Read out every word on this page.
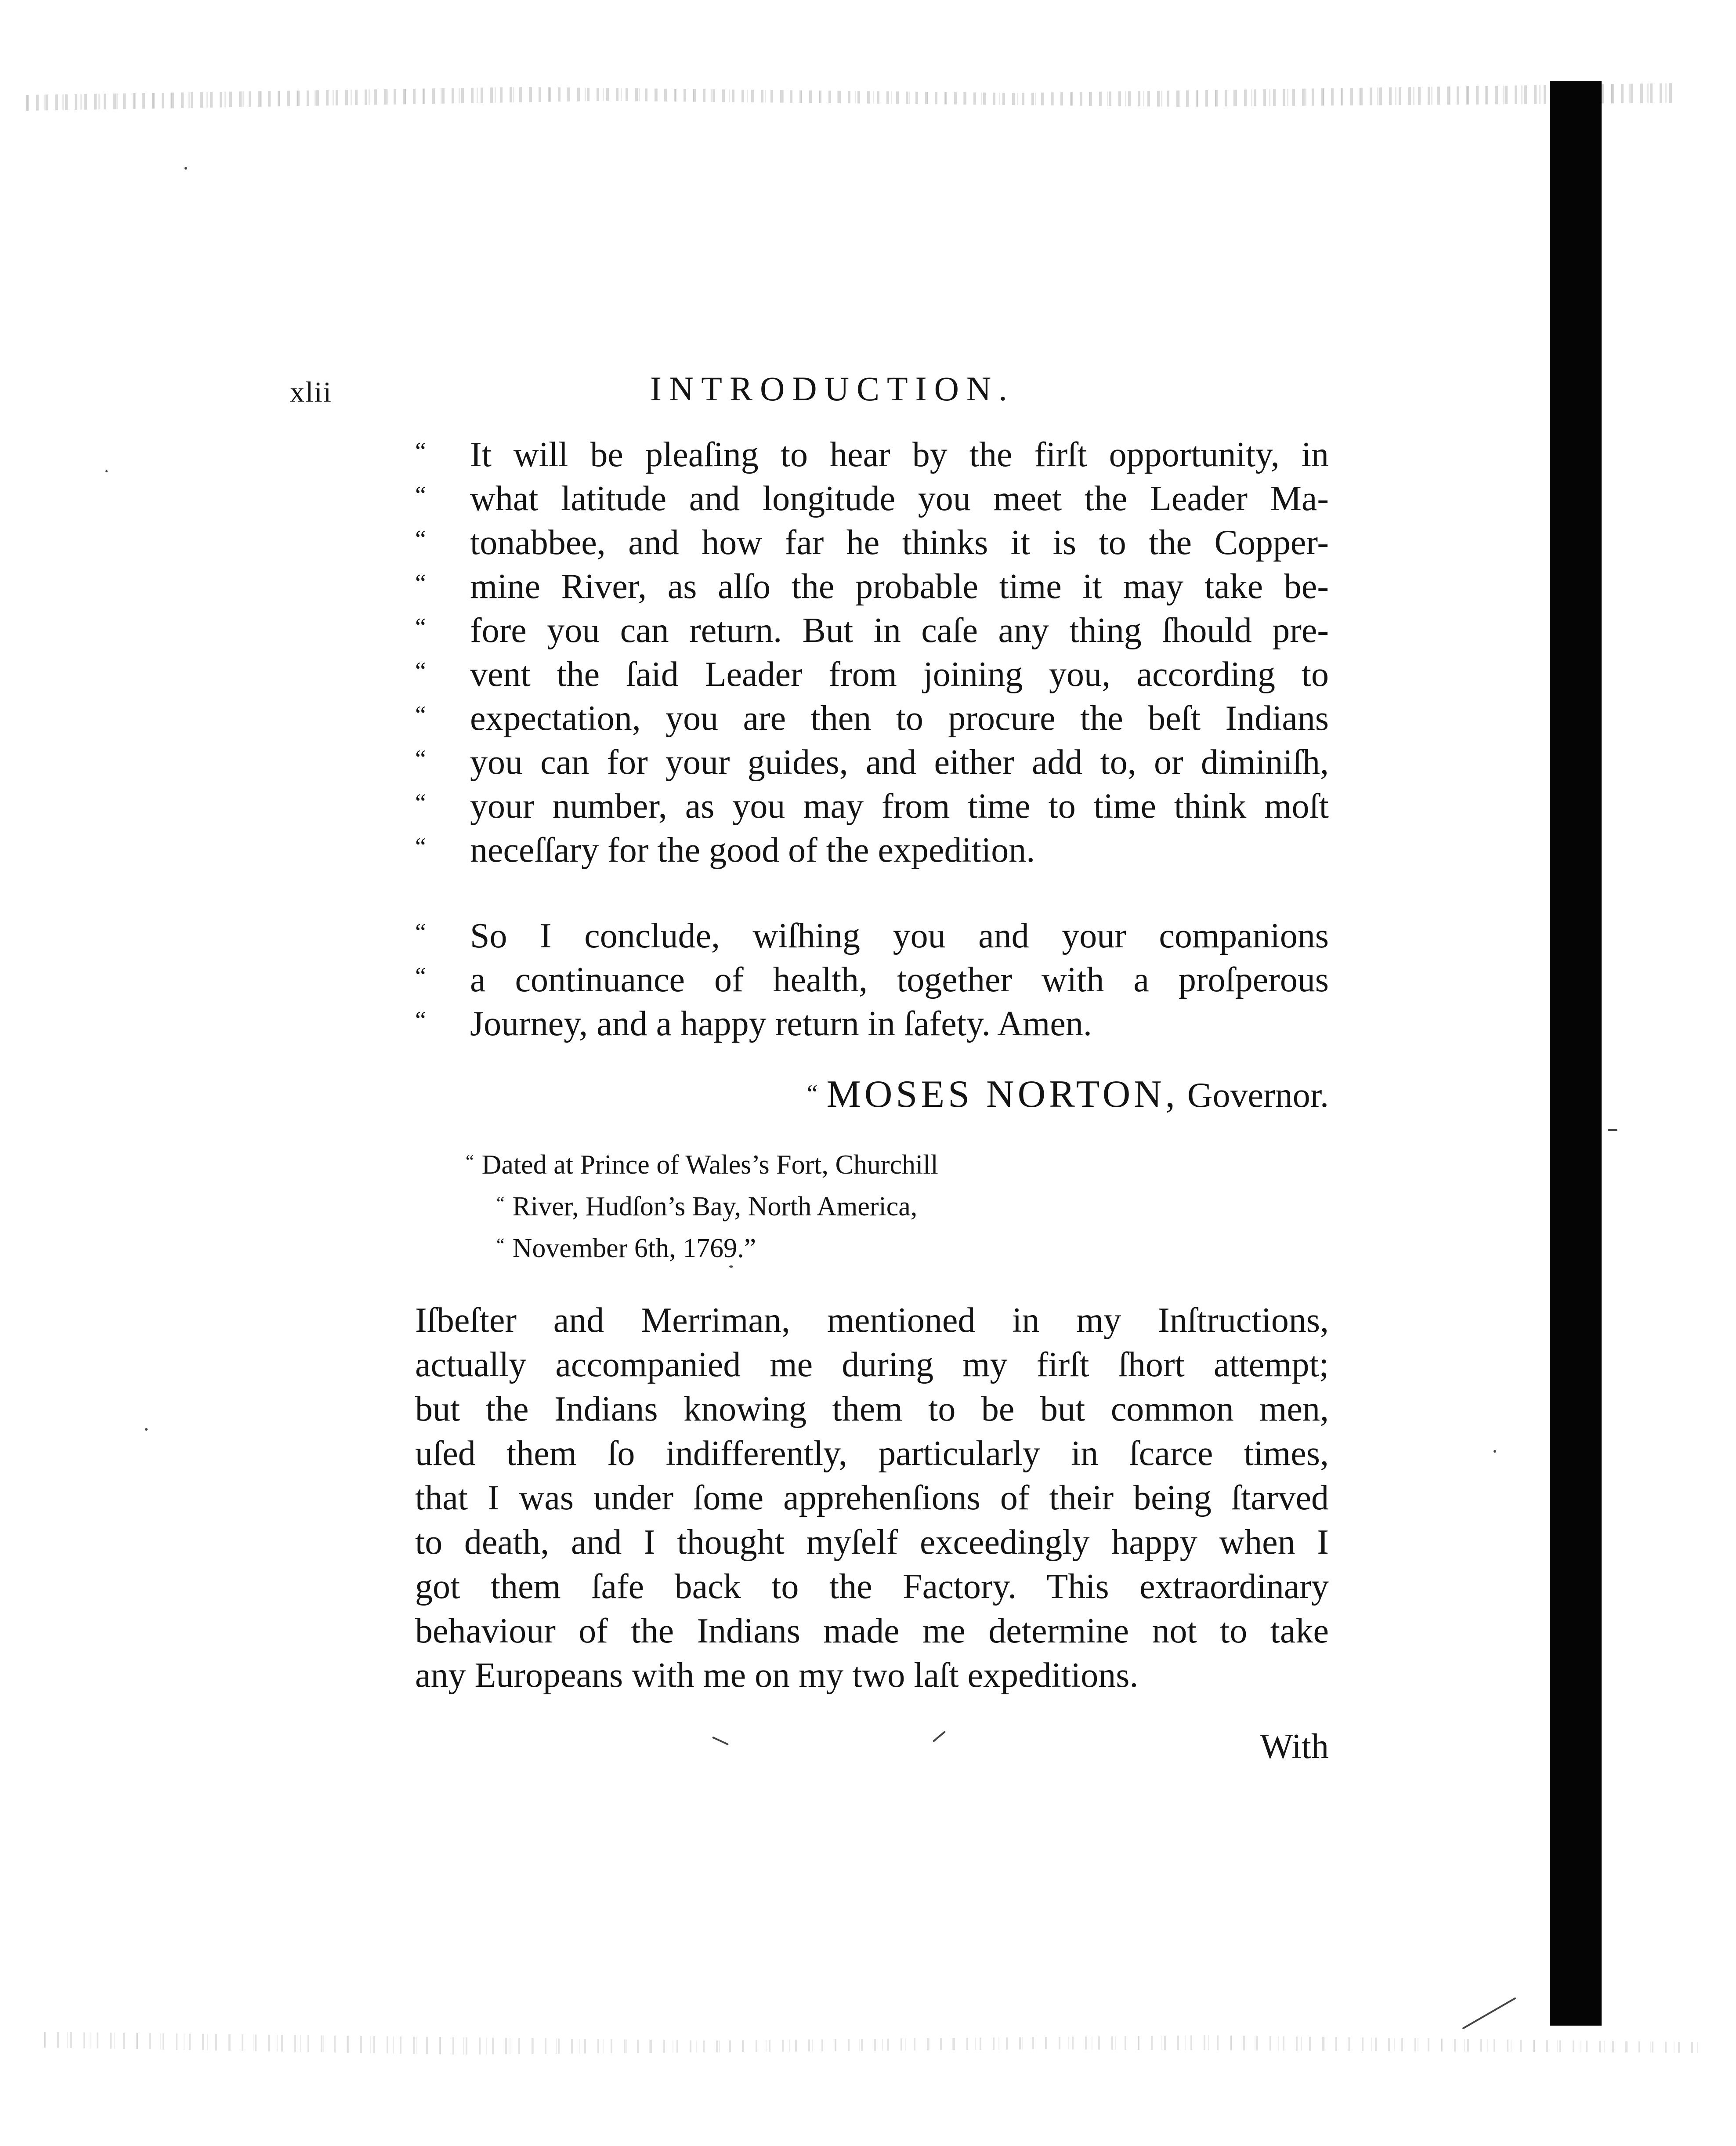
xlii	INTRODUCTION.
“ It will be pleaſing to hear by the firſt opportunity, in
“ what latitude and longitude you meet the Leader Ma-
“ tonabbee, and how far he thinks it is to the Copper-
“ mine River, as alſo the probable time it may take be-
“ fore you can return. But in caſe any thing ſhould pre-
“ vent the ſaid Leader from joining you, according to
“ expectation, you are then to procure the beſt Indians
“ you can for your guides, and either add to, or diminiſh,
“ your number, as you may from time to time think moſt
“ neceſſary for the good of the expedition.
“ So I conclude, wiſhing you and your companions
“ a continuance of health, together with a proſperous
“ Journey, and a happy return in ſafety. Amen.
“ MOSES NORTON, Governor.
“ Dated at Prince of Wales’s Fort, Churchill
“ River, Hudſon’s Bay, North America,
“ November 6th, 1769.”
Iſbeſter and Merriman, mentioned in my Inſtructions,
actually accompanied me during my firſt ſhort attempt;
but the Indians knowing them to be but common men,
uſed them ſo indifferently, particularly in ſcarce times,
that I was under ſome apprehenſions of their being ſtarved
to death, and I thought myſelf exceedingly happy when I
got them ſafe back to the Factory. This extraordinary
behaviour of the Indians made me determine not to take
any Europeans with me on my two laſt expeditions.
With
